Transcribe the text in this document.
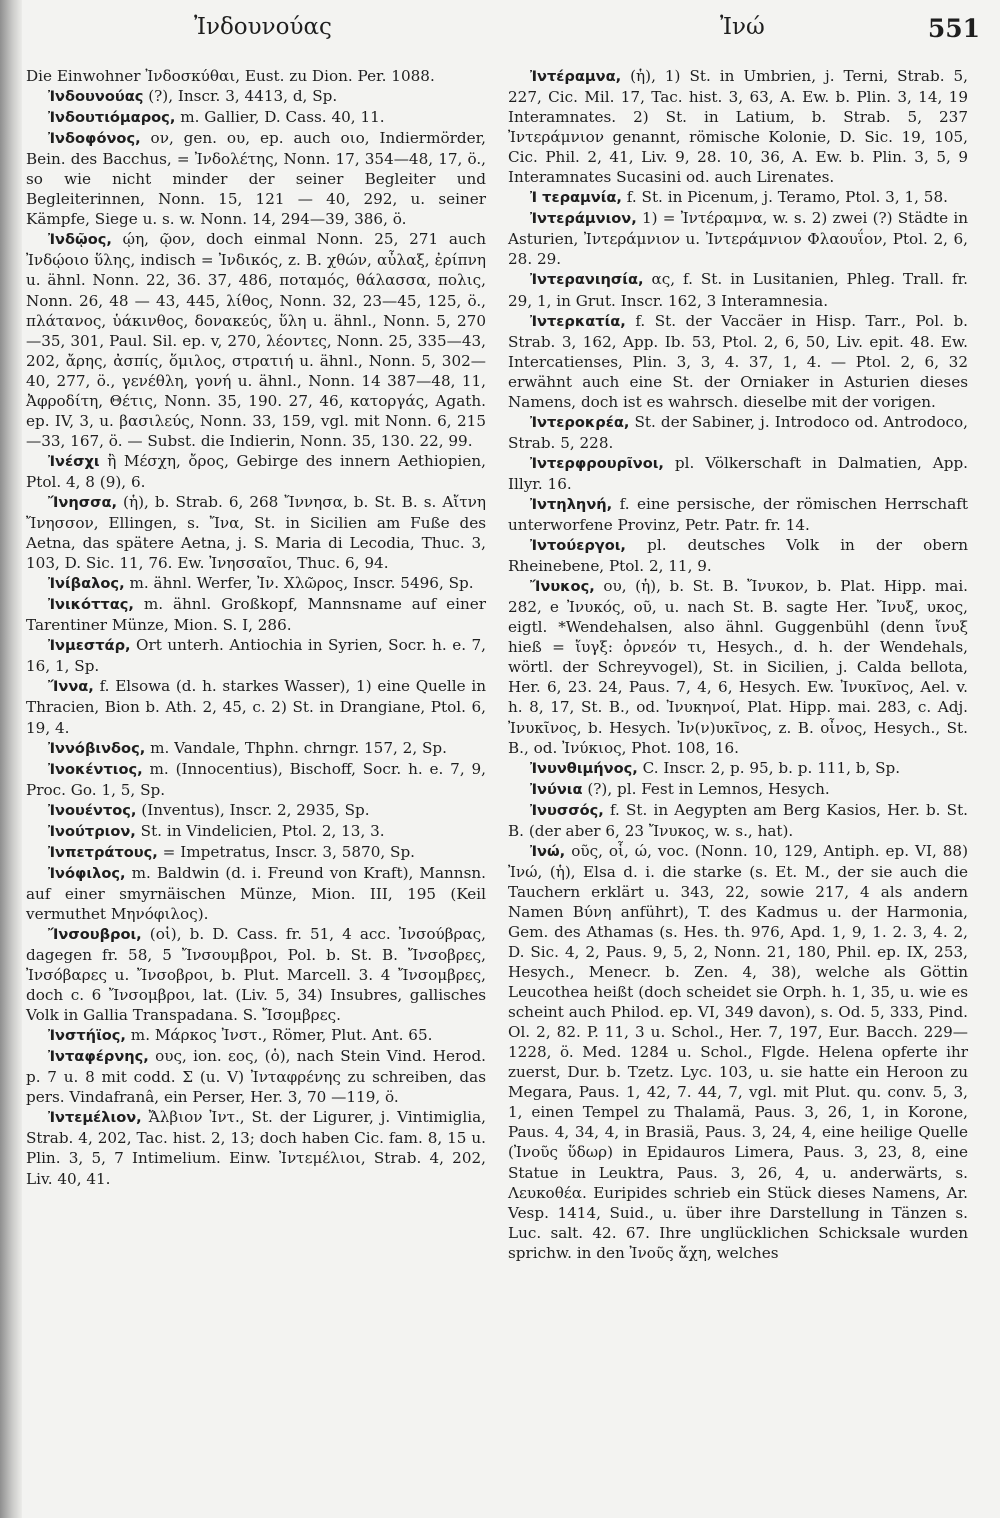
Ἰνδουνούας	Ἰνώ	551

Die Einwohner Ἰνδοσκύθαι, Eust. zu Dion. Per. 1088.

Ἰνδουνούας (?), Inscr. 3, 4413, d, Sp.

Ἰνδουτιόμαρος, m. Gallier, D. Cass. 40, 11.

Ἰνδοφόνος, ον, gen. ου, ep. auch οιο, Indiermörder, Bein. des Bacchus, = Ἰνδολέτης, Nonn. 17, 354—48, 17, ö., so wie nicht minder der seiner Begleiter und Begleiterinnen, Nonn. 15, 121 — 40, 292, u. seiner Kämpfe, Siege u. s. w. Nonn. 14, 294—39, 386, ö.

Ἰνδῷος, ῴη, ῷον, doch einmal Nonn. 25, 271 auch Ἰνδῴοιο ὕλης, indisch = Ἰνδικός, z. B. χθών, αὖλαξ, ἐρίπνη u. ähnl. Nonn. 22, 36. 37, 486, ποταμός, θάλασσα, πολις, Nonn. 26, 48 — 43, 445, λίθος, Nonn. 32, 23—45, 125, ö., πλάτανος, ὑάκινθος, δονακεύς, ὕλη u. ähnl., Nonn. 5, 270—35, 301, Paul. Sil. ep. v, 270, λέοντες, Nonn. 25, 335—43, 202, ἄρης, ἀσπίς, ὅμιλος, στρατιή u. ähnl., Nonn. 5, 302—40, 277, ö., γενέθλη, γονή u. ähnl., Nonn. 14 387—48, 11, Ἀφροδίτη, Θέτις, Nonn. 35, 190. 27, 46, κατοργάς, Agath. ep. IV, 3, u. βασιλεύς, Nonn. 33, 159, vgl. mit Nonn. 6, 215—33, 167, ö. — Subst. die Indierin, Nonn. 35, 130. 22, 99.

Ἰνέσχι ἢ Μέσχη, ὄρος, Gebirge des innern Aethiopien, Ptol. 4, 8 (9), 6.

Ἴνησσα, (ἡ), b. Strab. 6, 268 Ἴννησα, b. St. B. s. Αἴτνη Ἴνησσον, Ellingen, s. Ἴνα, St. in Sicilien am Fuße des Aetna, das spätere Aetna, j. S. Maria di Lecodia, Thuc. 3, 103, D. Sic. 11, 76. Ew. Ἰνησσαῖοι, Thuc. 6, 94.

Ἰνίβαλος, m. ähnl. Werfer, Ἰν. Χλῶρος, Inscr. 5496, Sp.

Ἰνικόττας, m. ähnl. Großkopf, Mannsname auf einer Tarentiner Münze, Mion. S. I, 286.

Ἰνμεστάρ, Ort unterh. Antiochia in Syrien, Socr. h. e. 7, 16, 1, Sp.

Ἴννα, f. Elsowa (d. h. starkes Wasser), 1) eine Quelle in Thracien, Bion b. Ath. 2, 45, c. 2) St. in Drangiane, Ptol. 6, 19, 4.

Ἰννόβινδος, m. Vandale, Thphn. chrngr. 157, 2, Sp.

Ἰνοκέντιος, m. (Innocentius), Bischoff, Socr. h. e. 7, 9, Proc. Go. 1, 5, Sp.

Ἰνουέντος, (Inventus), Inscr. 2, 2935, Sp.

Ἰνούτριον, St. in Vindelicien, Ptol. 2, 13, 3.

Ἰνπετράτους, = Impetratus, Inscr. 3, 5870, Sp.

Ἰνόφιλος, m. Baldwin (d. i. Freund von Kraft), Mannsn. auf einer smyrnäischen Münze, Mion. III, 195 (Keil vermuthet Μηνόφιλος).

Ἴνσουβροι, (οἱ), b. D. Cass. fr. 51, 4 acc. Ἰνσούβρας, dagegen fr. 58, 5 Ἴνσουμβροι, Pol. b. St. B. Ἴνσοβρες, Ἰνσόβαρες u. Ἴνσοβροι, b. Plut. Marcell. 3. 4 Ἴνσομβρες, doch c. 6 Ἴνσομβροι, lat. (Liv. 5, 34) Insubres, gallisches Volk in Gallia Transpadana. S. Ἴσομβρες.

Ἰνστήϊος, m. Μάρκος Ἰνστ., Römer, Plut. Ant. 65.

Ἰνταφέρνης, ους, ion. εος, (ὁ), nach Stein Vind. Herod. p. 7 u. 8 mit codd. Σ (u. V) Ἰνταφρένης zu schreiben, das pers. Vindafranâ, ein Perser, Her. 3, 70 —119, ö.

Ἰντεμέλιον, Ἄλβιον Ἰντ., St. der Ligurer, j. Vintimiglia, Strab. 4, 202, Tac. hist. 2, 13; doch haben Cic. fam. 8, 15 u. Plin. 3, 5, 7 Intimelium. Einw. Ἰντεμέλιοι, Strab. 4, 202, Liv. 40, 41.

Ἰντέραμνα, (ἡ), 1) St. in Umbrien, j. Terni, Strab. 5, 227, Cic. Mil. 17, Tac. hist. 3, 63, A. Ew. b. Plin. 3, 14, 19 Interamnates. 2) St. in Latium, b. Strab. 5, 237 Ἰντεράμνιον genannt, römische Kolonie, D. Sic. 19, 105, Cic. Phil. 2, 41, Liv. 9, 28. 10, 36, A. Ew. b. Plin. 3, 5, 9 Interamnates Sucasini od. auch Lirenates.

Ἰ τεραμνία, f. St. in Picenum, j. Teramo, Ptol. 3, 1, 58.

Ἰντεράμνιον, 1) = Ἰντέραμνα, w. s. 2) zwei (?) Städte in Asturien, Ἰντεράμνιον u. Ἰντεράμνιον Φλαουΐον, Ptol. 2, 6, 28. 29.

Ἰντερανιησία, ας, f. St. in Lusitanien, Phleg. Trall. fr. 29, 1, in Grut. Inscr. 162, 3 Interamnesia.

Ἰντερκατία, f. St. der Vaccäer in Hisp. Tarr., Pol. b. Strab. 3, 162, App. Ib. 53, Ptol. 2, 6, 50, Liv. epit. 48. Ew. Intercatienses, Plin. 3, 3, 4. 37, 1, 4. — Ptol. 2, 6, 32 erwähnt auch eine St. der Orniaker in Asturien dieses Namens, doch ist es wahrsch. dieselbe mit der vorigen.

Ἰντεροκρέα, St. der Sabiner, j. Introdoco od. Antrodoco, Strab. 5, 228.

Ἰντερφρουρῖνοι, pl. Völkerschaft in Dalmatien, App. Illyr. 16.

Ἰντηληνή, f. eine persische, der römischen Herrschaft unterworfene Provinz, Petr. Patr. fr. 14.

Ἰντούεργοι, pl. deutsches Volk in der obern Rheinebene, Ptol. 2, 11, 9.

Ἴνυκος, ου, (ἡ), b. St. B. Ἴνυκον, b. Plat. Hipp. mai. 282, e Ἰνυκός, οῦ, u. nach St. B. sagte Her. Ἴνυξ, υκος, eigtl. *Wendehalsen, also ähnl. Guggenbühl (denn ἴνυξ hieß = ἴυγξ: ὀρνεόν τι, Hesych., d. h. der Wendehals, wörtl. der Schreyvogel), St. in Sicilien, j. Calda bellota, Her. 6, 23. 24, Paus. 7, 4, 6, Hesych. Ew. Ἰνυκῖνος, Ael. v. h. 8, 17, St. B., od. Ἰνυκηνοί, Plat. Hipp. mai. 283, c. Adj. Ἰνυκῖνος, b. Hesych. Ἰν(ν)υκῖνος, z. B. οἶνος, Hesych., St. B., od. Ἰνύκιος, Phot. 108, 16.

Ἰνυνθιμήνος, C. Inscr. 2, p. 95, b. p. 111, b, Sp.

Ἰνύνια (?), pl. Fest in Lemnos, Hesych.

Ἰνυσσός, f. St. in Aegypten am Berg Kasios, Her. b. St. B. (der aber 6, 23 Ἴνυκος, w. s., hat).

Ἰνώ, οῦς, οἷ, ώ, voc. (Nonn. 10, 129, Antiph. ep. VI, 88) Ἰνώ, (ἡ), Elsa d. i. die starke (s. Et. M., der sie auch die Tauchern erklärt u. 343, 22, sowie 217, 4 als andern Namen Βύνη anführt), T. des Kadmus u. der Harmonia, Gem. des Athamas (s. Hes. th. 976, Apd. 1, 9, 1. 2. 3, 4. 2, D. Sic. 4, 2, Paus. 9, 5, 2, Nonn. 21, 180, Phil. ep. IX, 253, Hesych., Menecr. b. Zen. 4, 38), welche als Göttin Leucothea heißt (doch scheidet sie Orph. h. 1, 35, u. wie es scheint auch Philod. ep. VI, 349 davon), s. Od. 5, 333, Pind. Ol. 2, 82. P. 11, 3 u. Schol., Her. 7, 197, Eur. Bacch. 229—1228, ö. Med. 1284 u. Schol., Flgde. Helena opferte ihr zuerst, Dur. b. Tzetz. Lyc. 103, u. sie hatte ein Heroon zu Megara, Paus. 1, 42, 7. 44, 7, vgl. mit Plut. qu. conv. 5, 3, 1, einen Tempel zu Thalamä, Paus. 3, 26, 1, in Korone, Paus. 4, 34, 4, in Brasiä, Paus. 3, 24, 4, eine heilige Quelle (Ἰνοῦς ὕδωρ) in Epidauros Limera, Paus. 3, 23, 8, eine Statue in Leuktra, Paus. 3, 26, 4, u. anderwärts, s. Λευκοθέα. Euripides schrieb ein Stück dieses Namens, Ar. Vesp. 1414, Suid., u. über ihre Darstellung in Tänzen s. Luc. salt. 42. 67. Ihre unglücklichen Schicksale wurden sprichw. in den Ἰνοῦς ἄχη, welches
